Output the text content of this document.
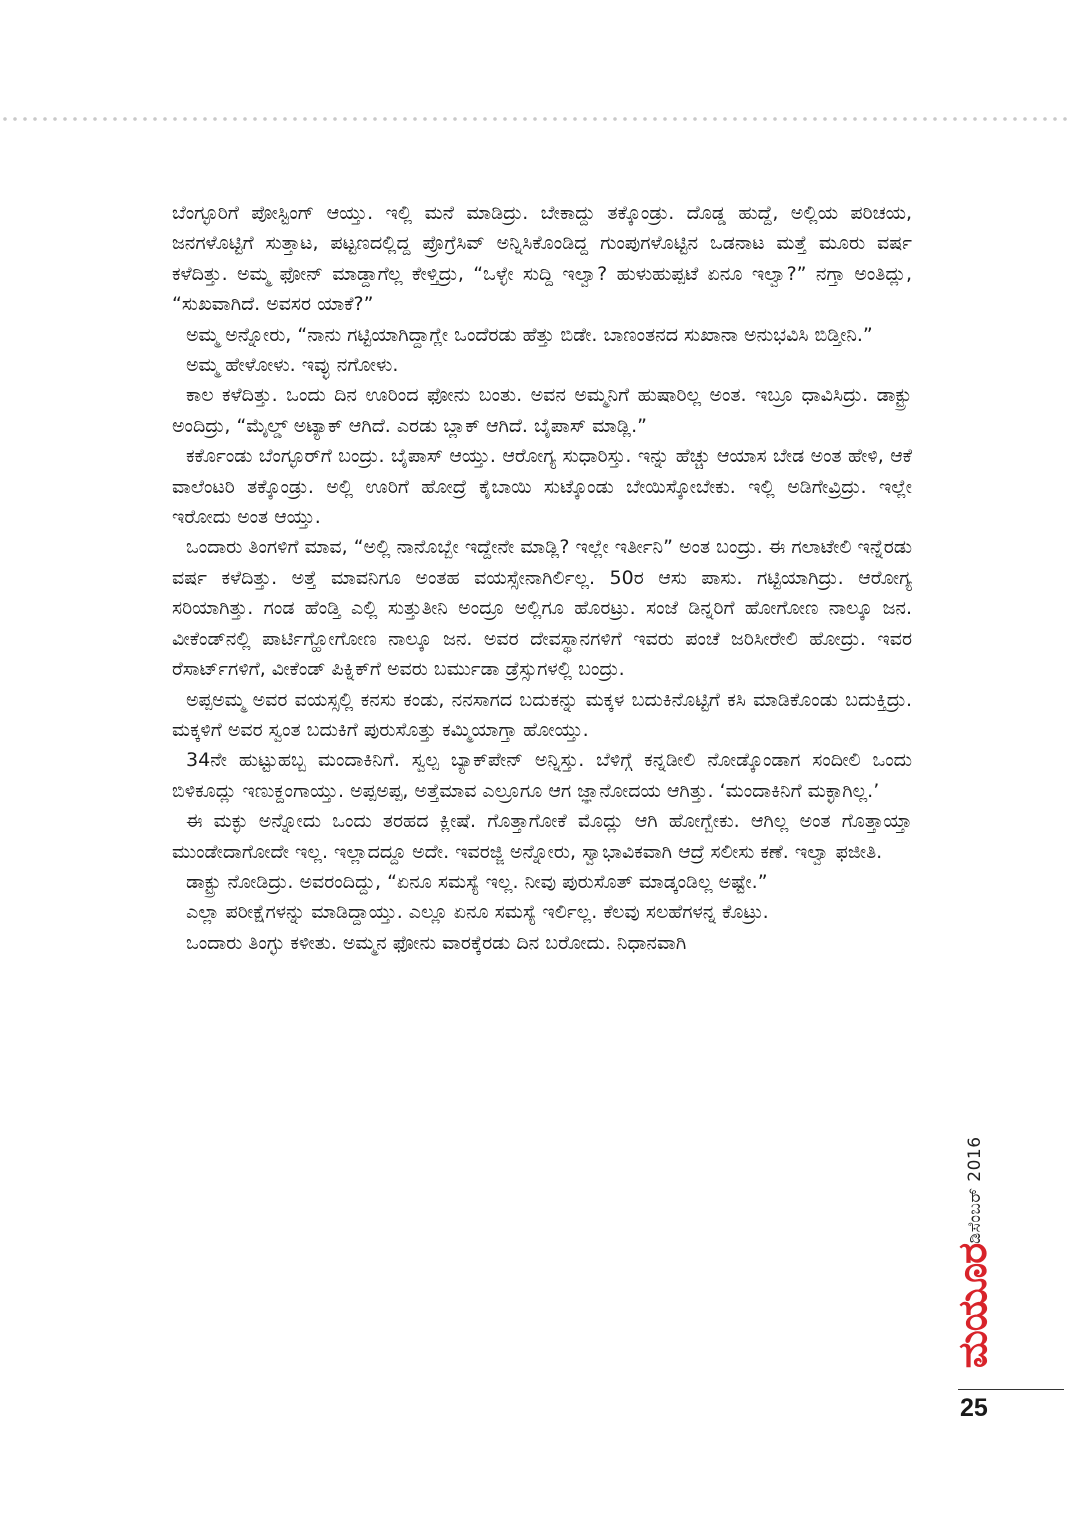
ಬೆಂಗ್ಳೂರಿಗೆ ಪೋಸ್ಟಿಂಗ್ ಆಯ್ತು. ಇಲ್ಲಿ ಮನೆ ಮಾಡಿದ್ರು. ಬೇಕಾದ್ದು ತಕ್ಕೊಂಡ್ರು. ದೊಡ್ಡ ಹುದ್ದೆ, ಅಲ್ಲಿಯ ಪರಿಚಯ, ಜನಗಳೊಟ್ಟಿಗೆ ಸುತ್ತಾಟ, ಪಟ್ಟಣದಲ್ಲಿದ್ದ ಪ್ರೊಗ್ರೆಸಿವ್ ಅನ್ನಿಸಿಕೊಂಡಿದ್ದ ಗುಂಪುಗಳೊಟ್ಟಿನ ಒಡನಾಟ ಮತ್ತೆ ಮೂರು ವರ್ಷ ಕಳೆದಿತ್ತು. ಅಮ್ಮ ಫೋನ್ ಮಾಡ್ದಾಗೆಲ್ಲ ಕೇಳ್ತಿದ್ರು, “ಒಳ್ಳೇ ಸುದ್ದಿ ಇಲ್ವಾ? ಹುಳುಹುಪ್ಪಟೆ ಏನೂ ಇಲ್ವಾ?” ನಗ್ತಾ ಅಂತಿದ್ಲು, “ಸುಖವಾಗಿದೆ. ಅವಸರ ಯಾಕೆ?”

ಅಮ್ಮ ಅನ್ನೋರು, “ನಾನು ಗಟ್ಟಿಯಾಗಿದ್ದಾಗ್ಲೇ ಒಂದೆರಡು ಹೆತ್ತು ಬಿಡೇ. ಬಾಣಂತನದ ಸುಖಾನಾ ಅನುಭವಿಸಿ ಬಿಡ್ತೀನಿ.”

ಅಮ್ಮ ಹೇಳೋಳು. ಇವ್ಳು ನಗೋಳು.

ಕಾಲ ಕಳೆದಿತ್ತು. ಒಂದು ದಿನ ಊರಿಂದ ಫೋನು ಬಂತು. ಅವನ ಅಮ್ಮನಿಗೆ ಹುಷಾರಿಲ್ಲ ಅಂತ. ಇಬ್ರೂ ಧಾವಿಸಿದ್ರು. ಡಾಕ್ಟ್ರು ಅಂದಿದ್ರು, “ಮೈಲ್ಡ್ ಅಟ್ಯಾಕ್ ಆಗಿದೆ. ಎರಡು ಬ್ಲಾಕ್ ಆಗಿದೆ. ಬೈಪಾಸ್ ಮಾಡ್ಲಿ.”

ಕರ್ಕೊಂಡು ಬೆಂಗ್ಳೂರ್‌ಗೆ ಬಂದ್ರು. ಬೈಪಾಸ್ ಆಯ್ತು. ಆರೋಗ್ಯ ಸುಧಾರಿಸ್ತು. ಇನ್ನು ಹೆಚ್ಚು ಆಯಾಸ ಬೇಡ ಅಂತ ಹೇಳಿ, ಆಕೆ ವಾಲೆಂಟರಿ ತಕ್ಕೊಂಡ್ರು. ಅಲ್ಲಿ ಊರಿಗೆ ಹೋದ್ರೆ ಕೈಬಾಯಿ ಸುಟ್ಕೊಂಡು ಬೇಯಿಸ್ಕೋಬೇಕು. ಇಲ್ಲಿ ಅಡಿಗೇವ್ರಿದ್ರು. ಇಲ್ಲೇ ಇರೋದು ಅಂತ ಆಯ್ತು.

ಒಂದಾರು ತಿಂಗಳಿಗೆ ಮಾವ, “ಅಲ್ಲಿ ನಾನೊಬ್ಬೇ ಇದ್ದೇನೇ ಮಾಡ್ಲಿ? ಇಲ್ಲೇ ಇರ್ತೀನಿ” ಅಂತ ಬಂದ್ರು. ಈ ಗಲಾಟೇಲಿ ಇನ್ನೆರಡು ವರ್ಷ ಕಳೆದಿತ್ತು. ಅತ್ತೆ ಮಾವನಿಗೂ ಅಂತಹ ವಯಸ್ಸೇನಾಗಿರ್ಲಿಲ್ಲ. 50ರ ಆಸು ಪಾಸು. ಗಟ್ಟಿಯಾಗಿದ್ರು. ಆರೋಗ್ಯ ಸರಿಯಾಗಿತ್ತು. ಗಂಡ ಹೆಂಡ್ತಿ ಎಲ್ಲಿ ಸುತ್ತುತೀನಿ ಅಂದ್ರೂ ಅಲ್ಲಿಗೂ ಹೊರಟ್ರು. ಸಂಜೆ ಡಿನ್ನರಿಗೆ ಹೋಗೋಣ ನಾಲ್ಕೂ ಜನ. ವೀಕೆಂಡ್‌ನಲ್ಲಿ ಪಾರ್ಟಿಗ್ಹೋಗೋಣ ನಾಲ್ಕೂ ಜನ. ಅವರ ದೇವಸ್ಥಾನಗಳಿಗೆ ಇವರು ಪಂಚೆ ಜರಿಸೀರೇಲಿ ಹೋದ್ರು. ಇವರ ರೆಸಾರ್ಟ್‌ಗಳಿಗೆ, ವೀಕೆಂಡ್ ಪಿಕ್ನಿಕ್‌ಗೆ ಅವರು ಬರ್ಮುಡಾ ಡ್ರೆಸ್ಸುಗಳಲ್ಲಿ ಬಂದ್ರು.

ಅಪ್ಪಅಮ್ಮ ಅವರ ವಯಸ್ಸಲ್ಲಿ ಕನಸು ಕಂಡು, ನನಸಾಗದ ಬದುಕನ್ನು ಮಕ್ಕಳ ಬದುಕಿನೊಟ್ಟಿಗೆ ಕಸಿ ಮಾಡಿಕೊಂಡು ಬದುಕ್ತಿದ್ರು. ಮಕ್ಕಳಿಗೆ ಅವರ ಸ್ವಂತ ಬದುಕಿಗೆ ಪುರುಸೊತ್ತು ಕಮ್ಮಿಯಾಗ್ತಾ ಹೋಯ್ತು.

34ನೇ ಹುಟ್ಟುಹಬ್ಬ ಮಂದಾಕಿನಿಗೆ. ಸ್ವಲ್ಪ ಬ್ಯಾಕ್‌ಪೇನ್ ಅನ್ನಿಸ್ತು. ಬೆಳಿಗ್ಗೆ ಕನ್ನಡೀಲಿ ನೋಡ್ಕೊಂಡಾಗ ಸಂದೀಲಿ ಒಂದು ಬಿಳಿಕೂದ್ಲು ಇಣುಕ್ದಂಗಾಯ್ತು. ಅಪ್ಪಅಪ್ಪ, ಅತ್ತೆಮಾವ ಎಲ್ರೂಗೂ ಆಗ ಜ್ಞಾನೋದಯ ಆಗಿತ್ತು. ‘ಮಂದಾಕಿನಿಗೆ ಮಕ್ಳಾಗಿಲ್ಲ.’

ಈ ಮಕ್ಳು ಅನ್ನೋದು ಒಂದು ತರಹದ ಕ್ಲೀಷೆ. ಗೊತ್ತಾಗೋಕೆ ಮೊದ್ಲು ಆಗಿ ಹೋಗ್ಬೇಕು. ಆಗಿಲ್ಲ ಅಂತ ಗೊತ್ತಾಯ್ತಾ ಮುಂಡೇದಾಗೋದೇ ಇಲ್ಲ. ಇಲ್ಲಾದದ್ದೂ ಅದೇ. ಇವರಜ್ಜಿ ಅನ್ನೋರು, ಸ್ವಾಭಾವಿಕವಾಗಿ ಆದ್ರೆ ಸಲೀಸು ಕಣೆ. ಇಲ್ವಾ ಫಜೀತಿ.

ಡಾಕ್ಟ್ರು ನೋಡಿದ್ರು. ಅವರಂದಿದ್ದು, “ಏನೂ ಸಮಸ್ಯೆ ಇಲ್ಲ. ನೀವು ಪುರುಸೊತ್ ಮಾಡ್ಕಂಡಿಲ್ಲ ಅಷ್ಟೇ.”

ಎಲ್ಲಾ ಪರೀಕ್ಷೆಗಳನ್ನು ಮಾಡಿದ್ದಾಯ್ತು. ಎಲ್ಲೂ ಏನೂ ಸಮಸ್ಯೆ ಇರ್ಲಿಲ್ಲ. ಕೆಲವು ಸಲಹೆಗಳನ್ನ ಕೊಟ್ರು.

ಒಂದಾರು ತಿಂಗ್ಳು ಕಳೀತು. ಅಮ್ಮನ ಫೋನು ವಾರಕ್ಕೆರಡು ದಿನ ಬರೋದು. ನಿಧಾನವಾಗಿ

ಡಿಸೆಂಬರ್ 2016
ಮಯೂರ
25
